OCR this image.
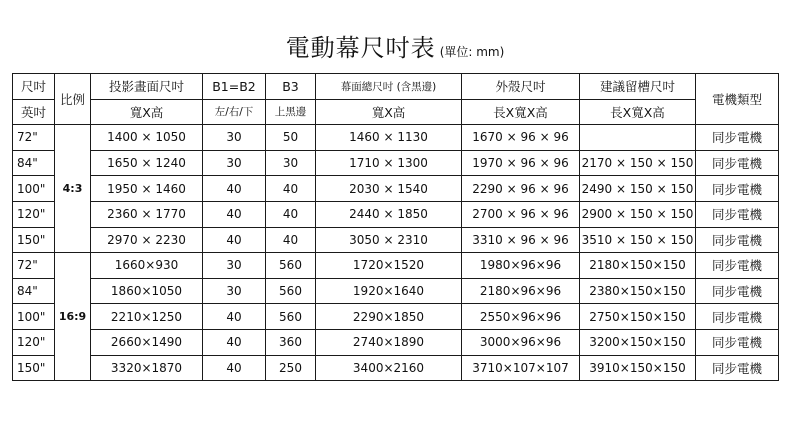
電動幕尺吋表 (單位: mm)
尺吋	比例	投影畫面尺吋	B1=B2	B3	幕面總尺吋 (含黑邊)	外殼尺吋	建議留槽尺吋	電機類型
英吋		寬X高	左/右/下	上黑邊	寬X高	長X寬X高	長X寬X高	
72"	4:3	1400 × 1050	30	50	1460 × 1130	1670 × 96 × 96		同步電機
84"		1650 × 1240	30	30	1710 × 1300	1970 × 96 × 96	2170 × 150 × 150	同步電機
100"		1950 × 1460	40	40	2030 × 1540	2290 × 96 × 96	2490 × 150 × 150	同步電機
120"		2360 × 1770	40	40	2440 × 1850	2700 × 96 × 96	2900 × 150 × 150	同步電機
150"		2970 × 2230	40	40	3050 × 2310	3310 × 96 × 96	3510 × 150 × 150	同步電機
72"	16:9	1660×930	30	560	1720×1520	1980×96×96	2180×150×150	同步電機
84"		1860×1050	30	560	1920×1640	2180×96×96	2380×150×150	同步電機
100"		2210×1250	40	560	2290×1850	2550×96×96	2750×150×150	同步電機
120"		2660×1490	40	360	2740×1890	3000×96×96	3200×150×150	同步電機
150"		3320×1870	40	250	3400×2160	3710×107×107	3910×150×150	同步電機
